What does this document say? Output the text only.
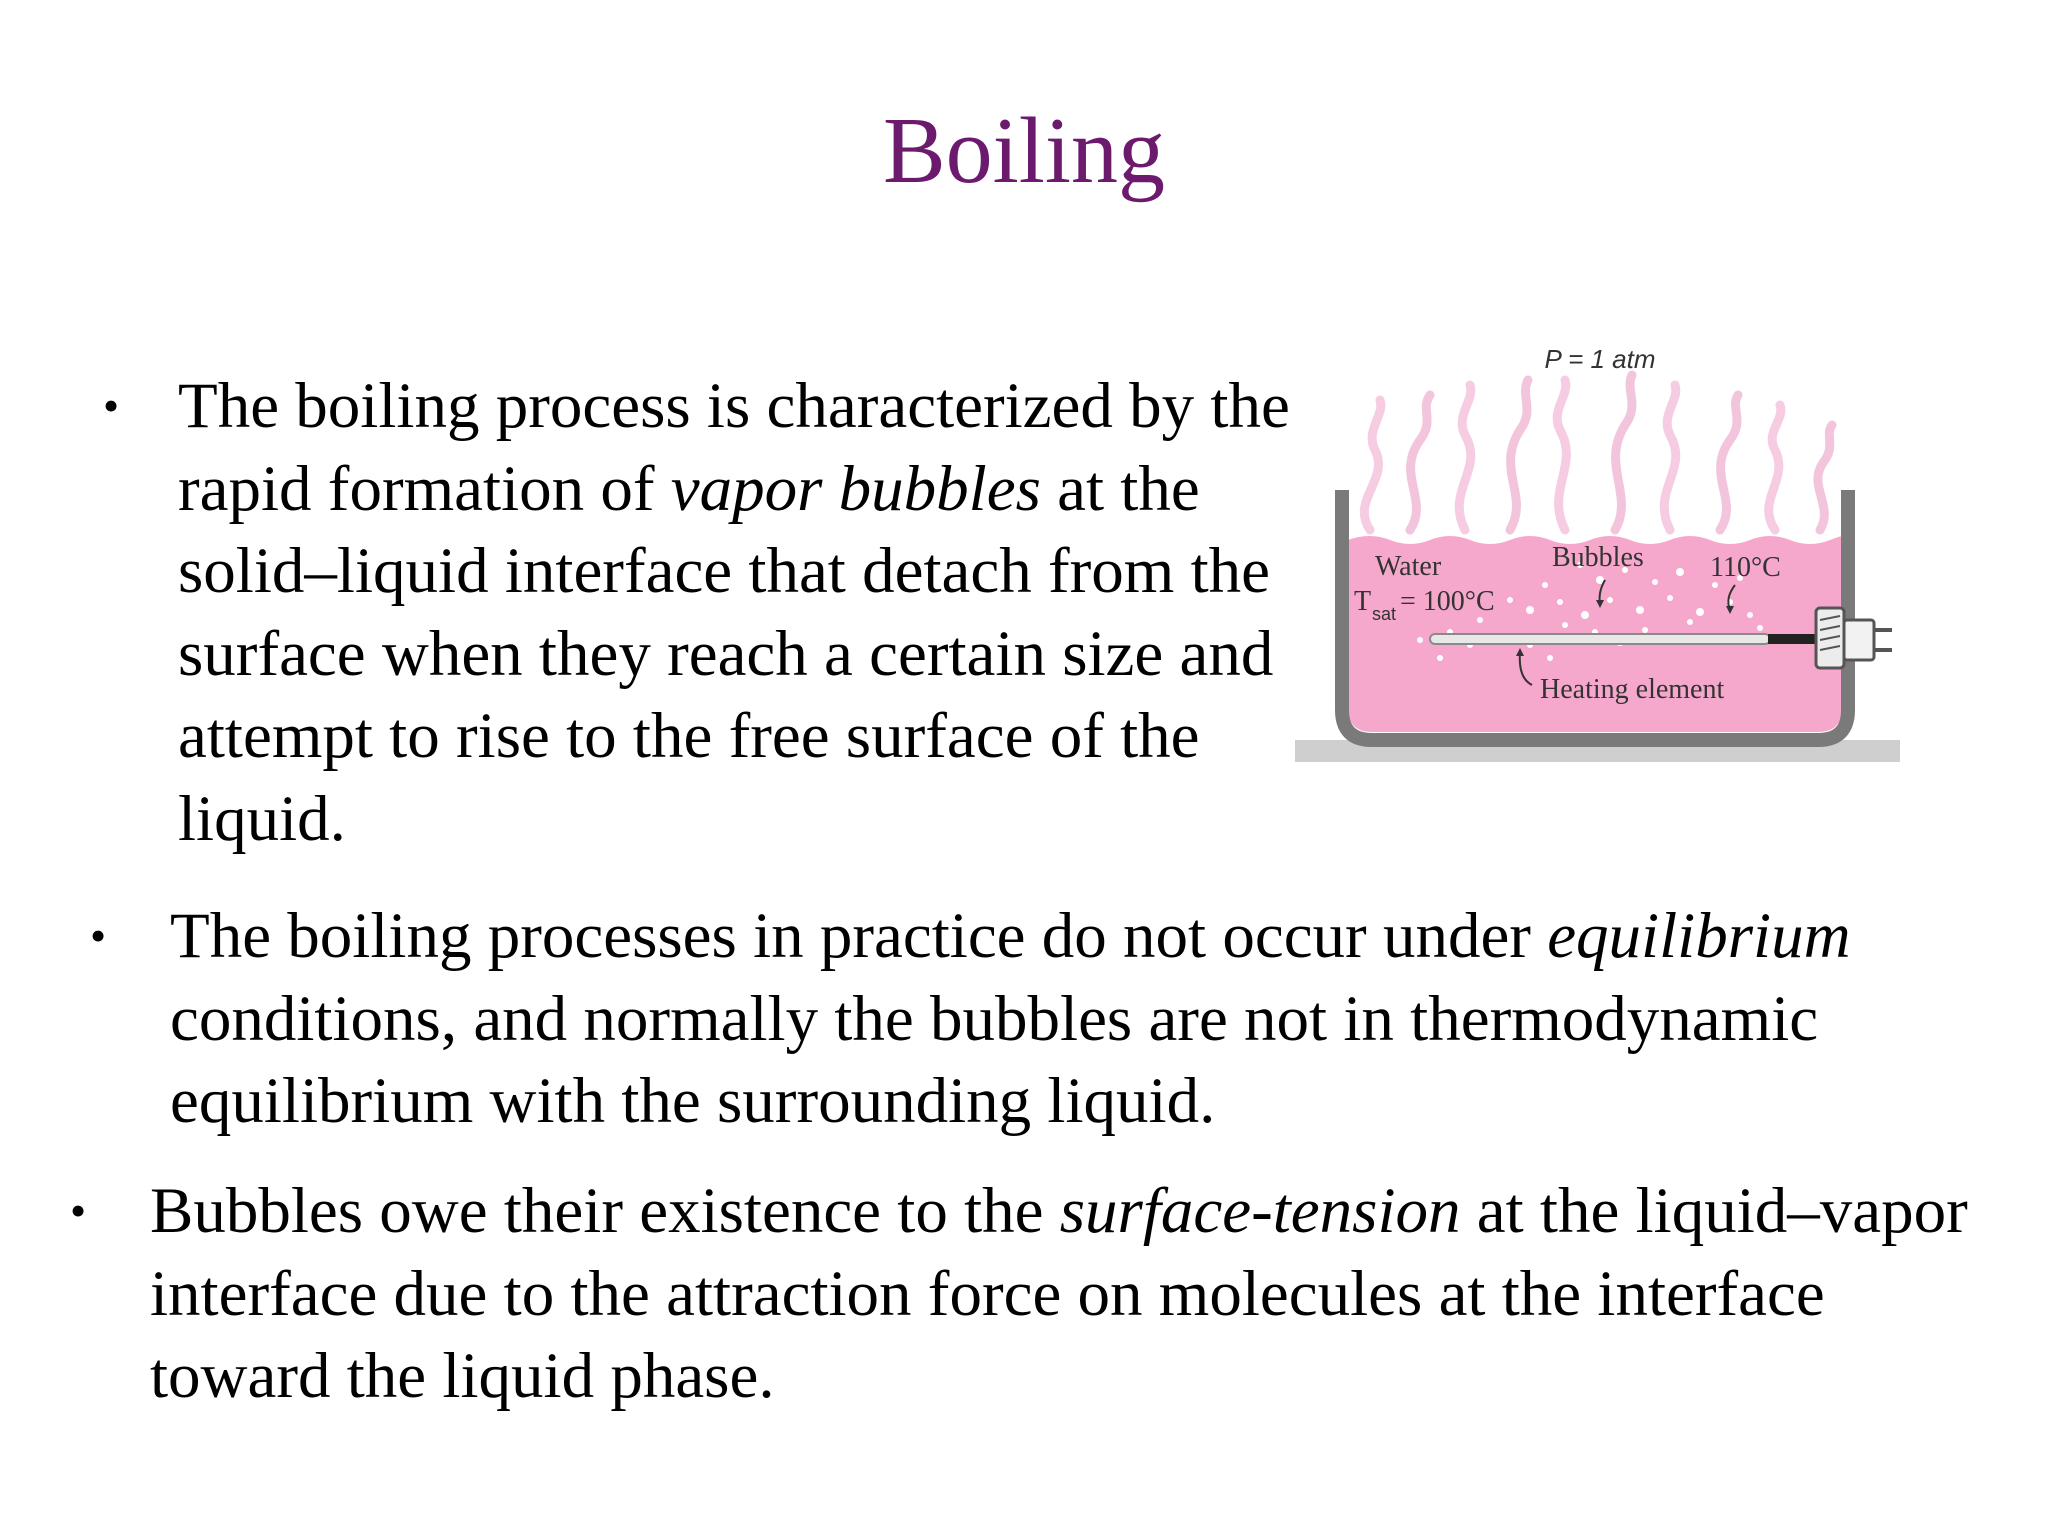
Boiling
• The boiling process is characterized by the rapid formation of vapor bubbles at the solid–liquid interface that detach from the surface when they reach a certain size and attempt to rise to the free surface of the liquid.
• The boiling processes in practice do not occur under equilibrium conditions, and normally the bubbles are not in thermodynamic equilibrium with the surrounding liquid.
• Bubbles owe their existence to the surface-tension at the liquid–vapor interface due to the attraction force on molecules at the interface toward the liquid phase.
P = 1 atm
Water
T sat = 100°C
Bubbles 110°C
Heating element
